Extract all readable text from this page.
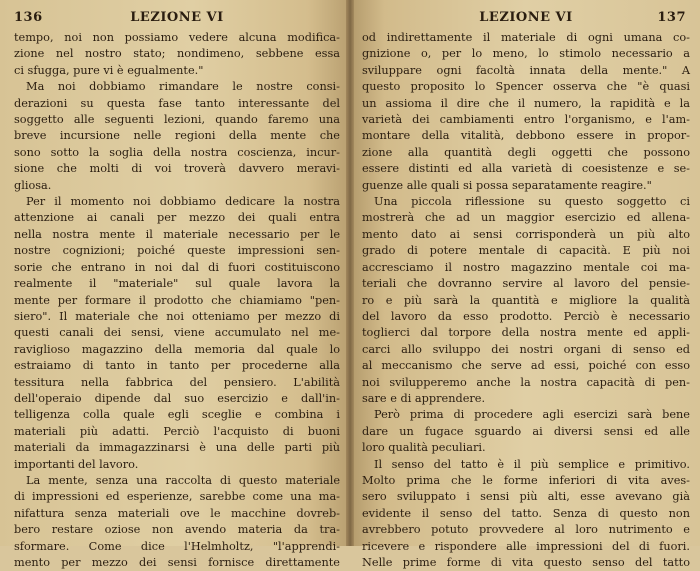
136	LEZIONE VI
tempo, noi non possiamo vedere alcuna modifica-
zione nel nostro stato; nondimeno, sebbene essa
ci sfugga, pure vi è egualmente."
Ma noi dobbiamo rimandare le nostre consi-
derazioni su questa fase tanto interessante del
soggetto alle seguenti lezioni, quando faremo una
breve incursione nelle regioni della mente che
sono sotto la soglia della nostra coscienza, incur-
sione che molti di voi troverà davvero meravi-
gliosa.
Per il momento noi dobbiamo dedicare la nostra
attenzione ai canali per mezzo dei quali entra
nella nostra mente il materiale necessario per le
nostre cognizioni; poiché queste impressioni sen-
sorie che entrano in noi dal di fuori costituiscono
realmente il "materiale" sul quale lavora la
mente per formare il prodotto che chiamiamo "pen-
siero". Il materiale che noi otteniamo per mezzo di
questi canali dei sensi, viene accumulato nel me-
raviglioso magazzino della memoria dal quale lo
estraiamo di tanto in tanto per procederne alla
tessitura nella fabbrica del pensiero. L'abilità
dell'operaio dipende dal suo esercizio e dall'in-
telligenza colla quale egli sceglie e combina i
materiali più adatti. Perciò l'acquisto di buoni
materiali da immagazzinarsi è una delle parti più
importanti del lavoro.
La mente, senza una raccolta di questo materiale
di impressioni ed esperienze, sarebbe come una ma-
nifattura senza materiali ove le macchine dovreb-
bero restare oziose non avendo materia da tra-
sformare. Come dice l'Helmholtz, "l'apprendi-
mento per mezzo dei sensi fornisce direttamente
LEZIONE VI	137
od indirettamente il materiale di ogni umana co-
gnizione o, per lo meno, lo stimolo necessario a
sviluppare ogni facoltà innata della mente." A
questo proposito lo Spencer osserva che "è quasi
un assioma il dire che il numero, la rapidità e la
varietà dei cambiamenti entro l'organismo, e l'am-
montare della vitalità, debbono essere in propor-
zione alla quantità degli oggetti che possono
essere distinti ed alla varietà di coesistenze e se-
guenze alle quali si possa separatamente reagire."
Una piccola riflessione su questo soggetto ci
mostrerà che ad un maggior esercizio ed allena-
mento dato ai sensi corrisponderà un più alto
grado di potere mentale di capacità. E più noi
accresciamo il nostro magazzino mentale coi ma-
teriali che dovranno servire al lavoro del pensie-
ro e più sarà la quantità e migliore la qualità
del lavoro da esso prodotto. Perciò è necessario
toglierci dal torpore della nostra mente ed appli-
carci allo sviluppo dei nostri organi di senso ed
al meccanismo che serve ad essi, poiché con esso
noi svilupperemo anche la nostra capacità di pen-
sare e di apprendere.
Però prima di procedere agli esercizi sarà bene
dare un fugace sguardo ai diversi sensi ed alle
loro qualità peculiari.
Il senso del tatto è il più semplice e primitivo.
Molto prima che le forme inferiori di vita aves-
sero sviluppato i sensi più alti, esse avevano già
evidente il senso del tatto. Senza di questo non
avrebbero potuto provvedere al loro nutrimento e
ricevere e rispondere alle impressioni del di fuori.
Nelle prime forme di vita questo senso del tatto
